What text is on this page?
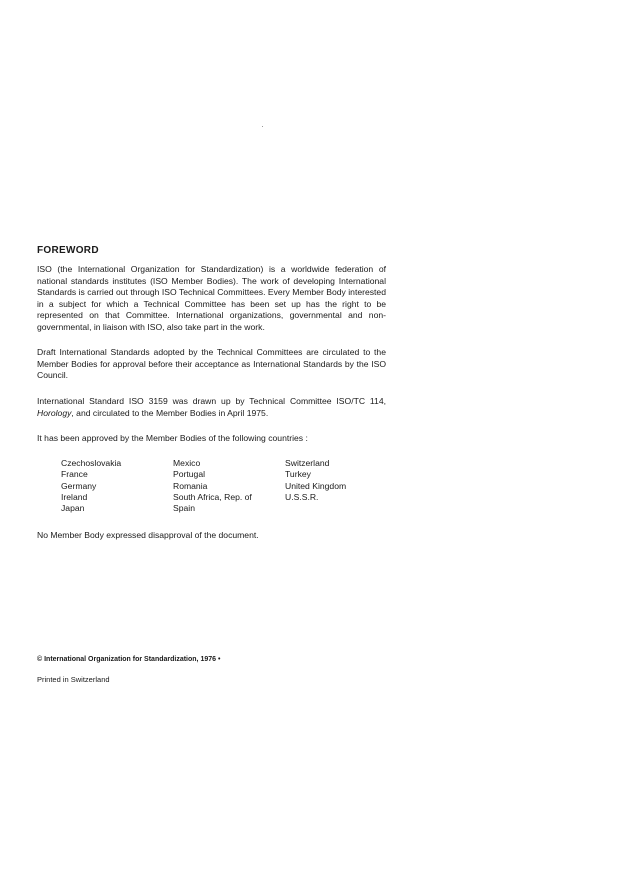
FOREWORD
ISO (the International Organization for Standardization) is a worldwide federation of national standards institutes (ISO Member Bodies). The work of developing International Standards is carried out through ISO Technical Committees. Every Member Body interested in a subject for which a Technical Committee has been set up has the right to be represented on that Committee. International organizations, governmental and non-governmental, in liaison with ISO, also take part in the work.
Draft International Standards adopted by the Technical Committees are circulated to the Member Bodies for approval before their acceptance as International Standards by the ISO Council.
International Standard ISO 3159 was drawn up by Technical Committee ISO/TC 114, Horology, and circulated to the Member Bodies in April 1975.
It has been approved by the Member Bodies of the following countries :
Czechoslovakia	Mexico	Switzerland
France	Portugal	Turkey
Germany	Romania	United Kingdom
Ireland	South Africa, Rep. of	U.S.S.R.
Japan	Spain
No Member Body expressed disapproval of the document.
© International Organization for Standardization, 1976 •
Printed in Switzerland
